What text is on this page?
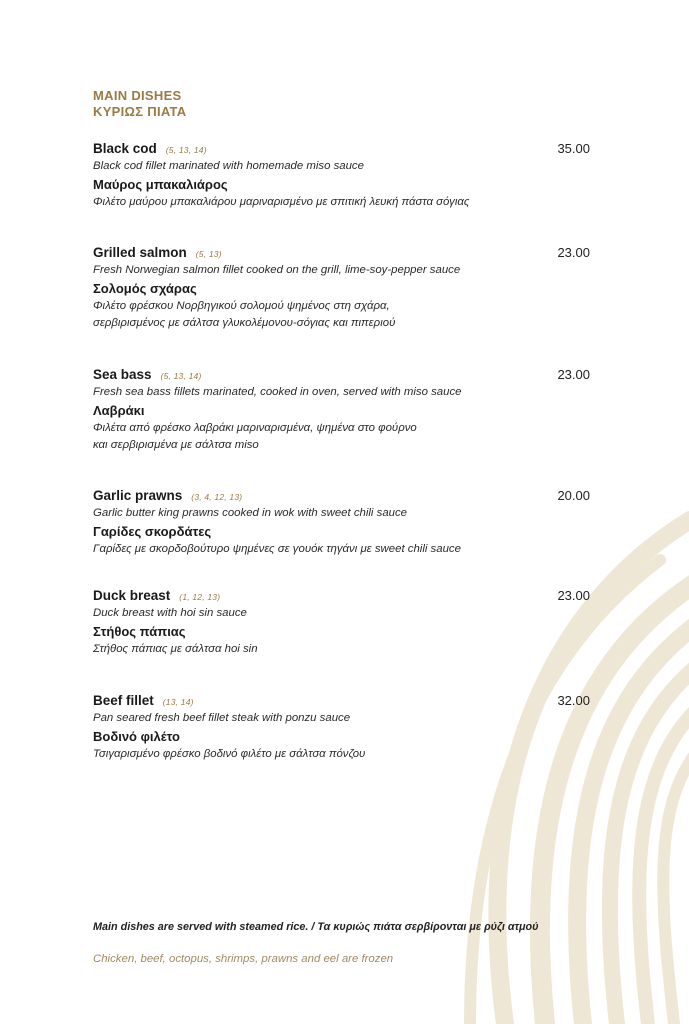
MAIN DISHES
ΚΥΡΙΩΣ ΠΙΑΤΑ
Black cod (5, 13, 14)	35.00
Black cod fillet marinated with homemade miso sauce
Μαύρος μπακαλιάρος
Φιλέτο μαύρου μπακαλιάρου μαριναρισμένο με σπιτική λευκή πάστα σόγιας
Grilled salmon (5, 13)	23.00
Fresh Norwegian salmon fillet cooked on the grill, lime-soy-pepper sauce
Σολομός σχάρας
Φιλέτο φρέσκου Νορβηγικού σολομού ψημένος στη σχάρα,
σερβιρισμένος με σάλτσα γλυκολέμονου-σόγιας και πιπεριού
Sea bass (5, 13, 14)	23.00
Fresh sea bass fillets marinated, cooked in oven, served with miso sauce
Λαβράκι
Φιλέτα από φρέσκο λαβράκι μαριναρισμένα, ψημένα στο φούρνο
και σερβιρισμένα με σάλτσα miso
Garlic prawns (3, 4, 12, 13)	20.00
Garlic butter king prawns cooked in wok with sweet chili sauce
Γαρίδες σκορδάτες
Γαρίδες με σκορδοβούτυρο ψημένες σε γουόκ τηγάνι με sweet chili sauce
Duck breast (1, 12, 13)	23.00
Duck breast with hoi sin sauce
Στήθος πάπιας
Στήθος πάπιας με σάλτσα hoi sin
Beef fillet (13, 14)	32.00
Pan seared fresh beef fillet steak with ponzu sauce
Βοδινό φιλέτο
Τσιγαρισμένο φρέσκο βοδινό φιλέτο με σάλτσα πόνζου
Main dishes are served with steamed rice. / Τα κυριώς πιάτα σερβίρονται με ρύζι ατμού
Chicken, beef, octopus, shrimps, prawns and eel are frozen
